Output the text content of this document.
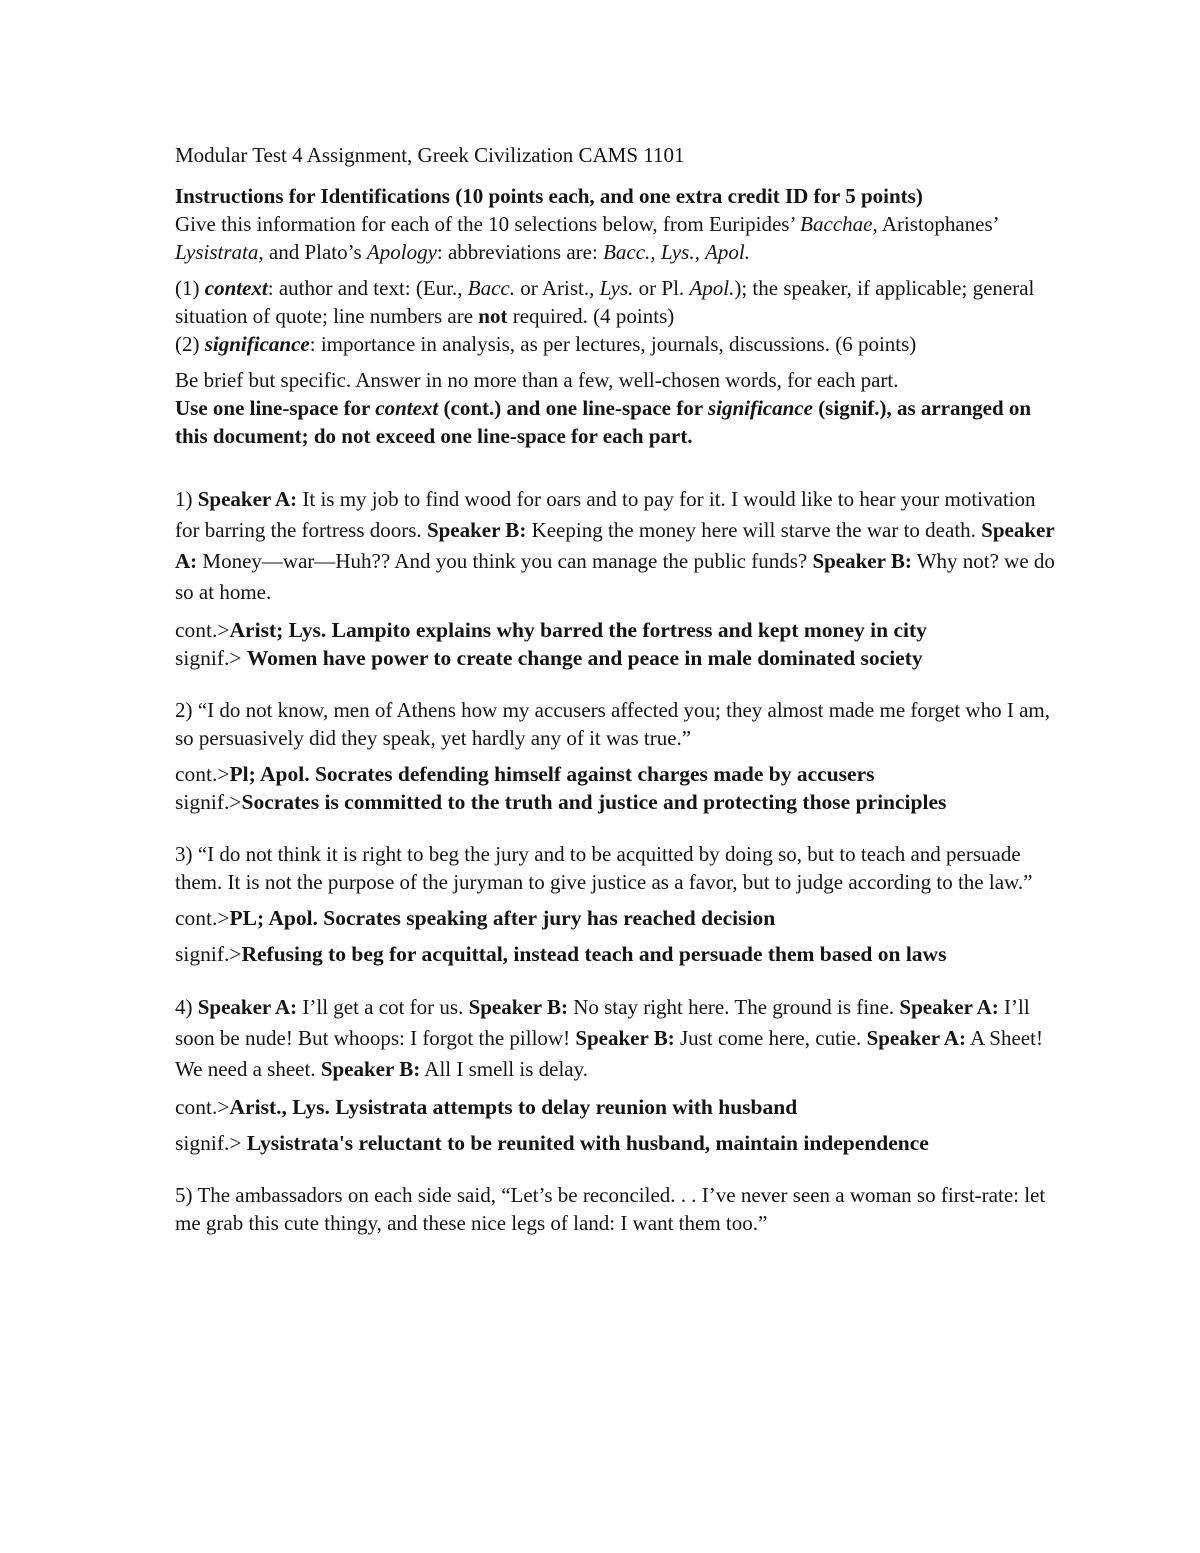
Modular Test 4 Assignment, Greek Civilization CAMS 1101

Instructions for Identifications (10 points each, and one extra credit ID for 5 points)

Give this information for each of the 10 selections below, from Euripides’ Bacchae, Aristophanes’ Lysistrata, and Plato’s Apology: abbreviations are: Bacc., Lys., Apol.

(1) context: author and text: (Eur., Bacc. or Arist., Lys. or Pl. Apol.); the speaker, if applicable; general situation of quote; line numbers are not required. (4 points)

(2) significance: importance in analysis, as per lectures, journals, discussions. (6 points)

Be brief but specific. Answer in no more than a few, well-chosen words, for each part.

Use one line-space for context (cont.) and one line-space for significance (signif.), as arranged on this document; do not exceed one line-space for each part.

1) Speaker A: It is my job to find wood for oars and to pay for it. I would like to hear your motivation for barring the fortress doors. Speaker B: Keeping the money here will starve the war to death. Speaker A: Money—war—Huh?? And you think you can manage the public funds? Speaker B: Why not? we do so at home.

cont.>Arist; Lys. Lampito explains why barred the fortress and kept money in city

signif.> Women have power to create change and peace in male dominated society

2) “I do not know, men of Athens how my accusers affected you; they almost made me forget who I am, so persuasively did they speak, yet hardly any of it was true.”

cont.>Pl; Apol. Socrates defending himself against charges made by accusers

signif.>Socrates is committed to the truth and justice and protecting those principles

3) “I do not think it is right to beg the jury and to be acquitted by doing so, but to teach and persuade them. It is not the purpose of the juryman to give justice as a favor, but to judge according to the law.”

cont.>PL; Apol. Socrates speaking after jury has reached decision

signif.>Refusing to beg for acquittal, instead teach and persuade them based on laws

4) Speaker A: I’ll get a cot for us. Speaker B: No stay right here. The ground is fine. Speaker A: I’ll soon be nude! But whoops: I forgot the pillow! Speaker B: Just come here, cutie. Speaker A: A Sheet! We need a sheet. Speaker B: All I smell is delay.

cont.>Arist., Lys. Lysistrata attempts to delay reunion with husband

signif.> Lysistrata's reluctant to be reunited with husband, maintain independence

5) The ambassadors on each side said, “Let’s be reconciled. . . I’ve never seen a woman so first-rate: let me grab this cute thingy, and these nice legs of land: I want them too.”
